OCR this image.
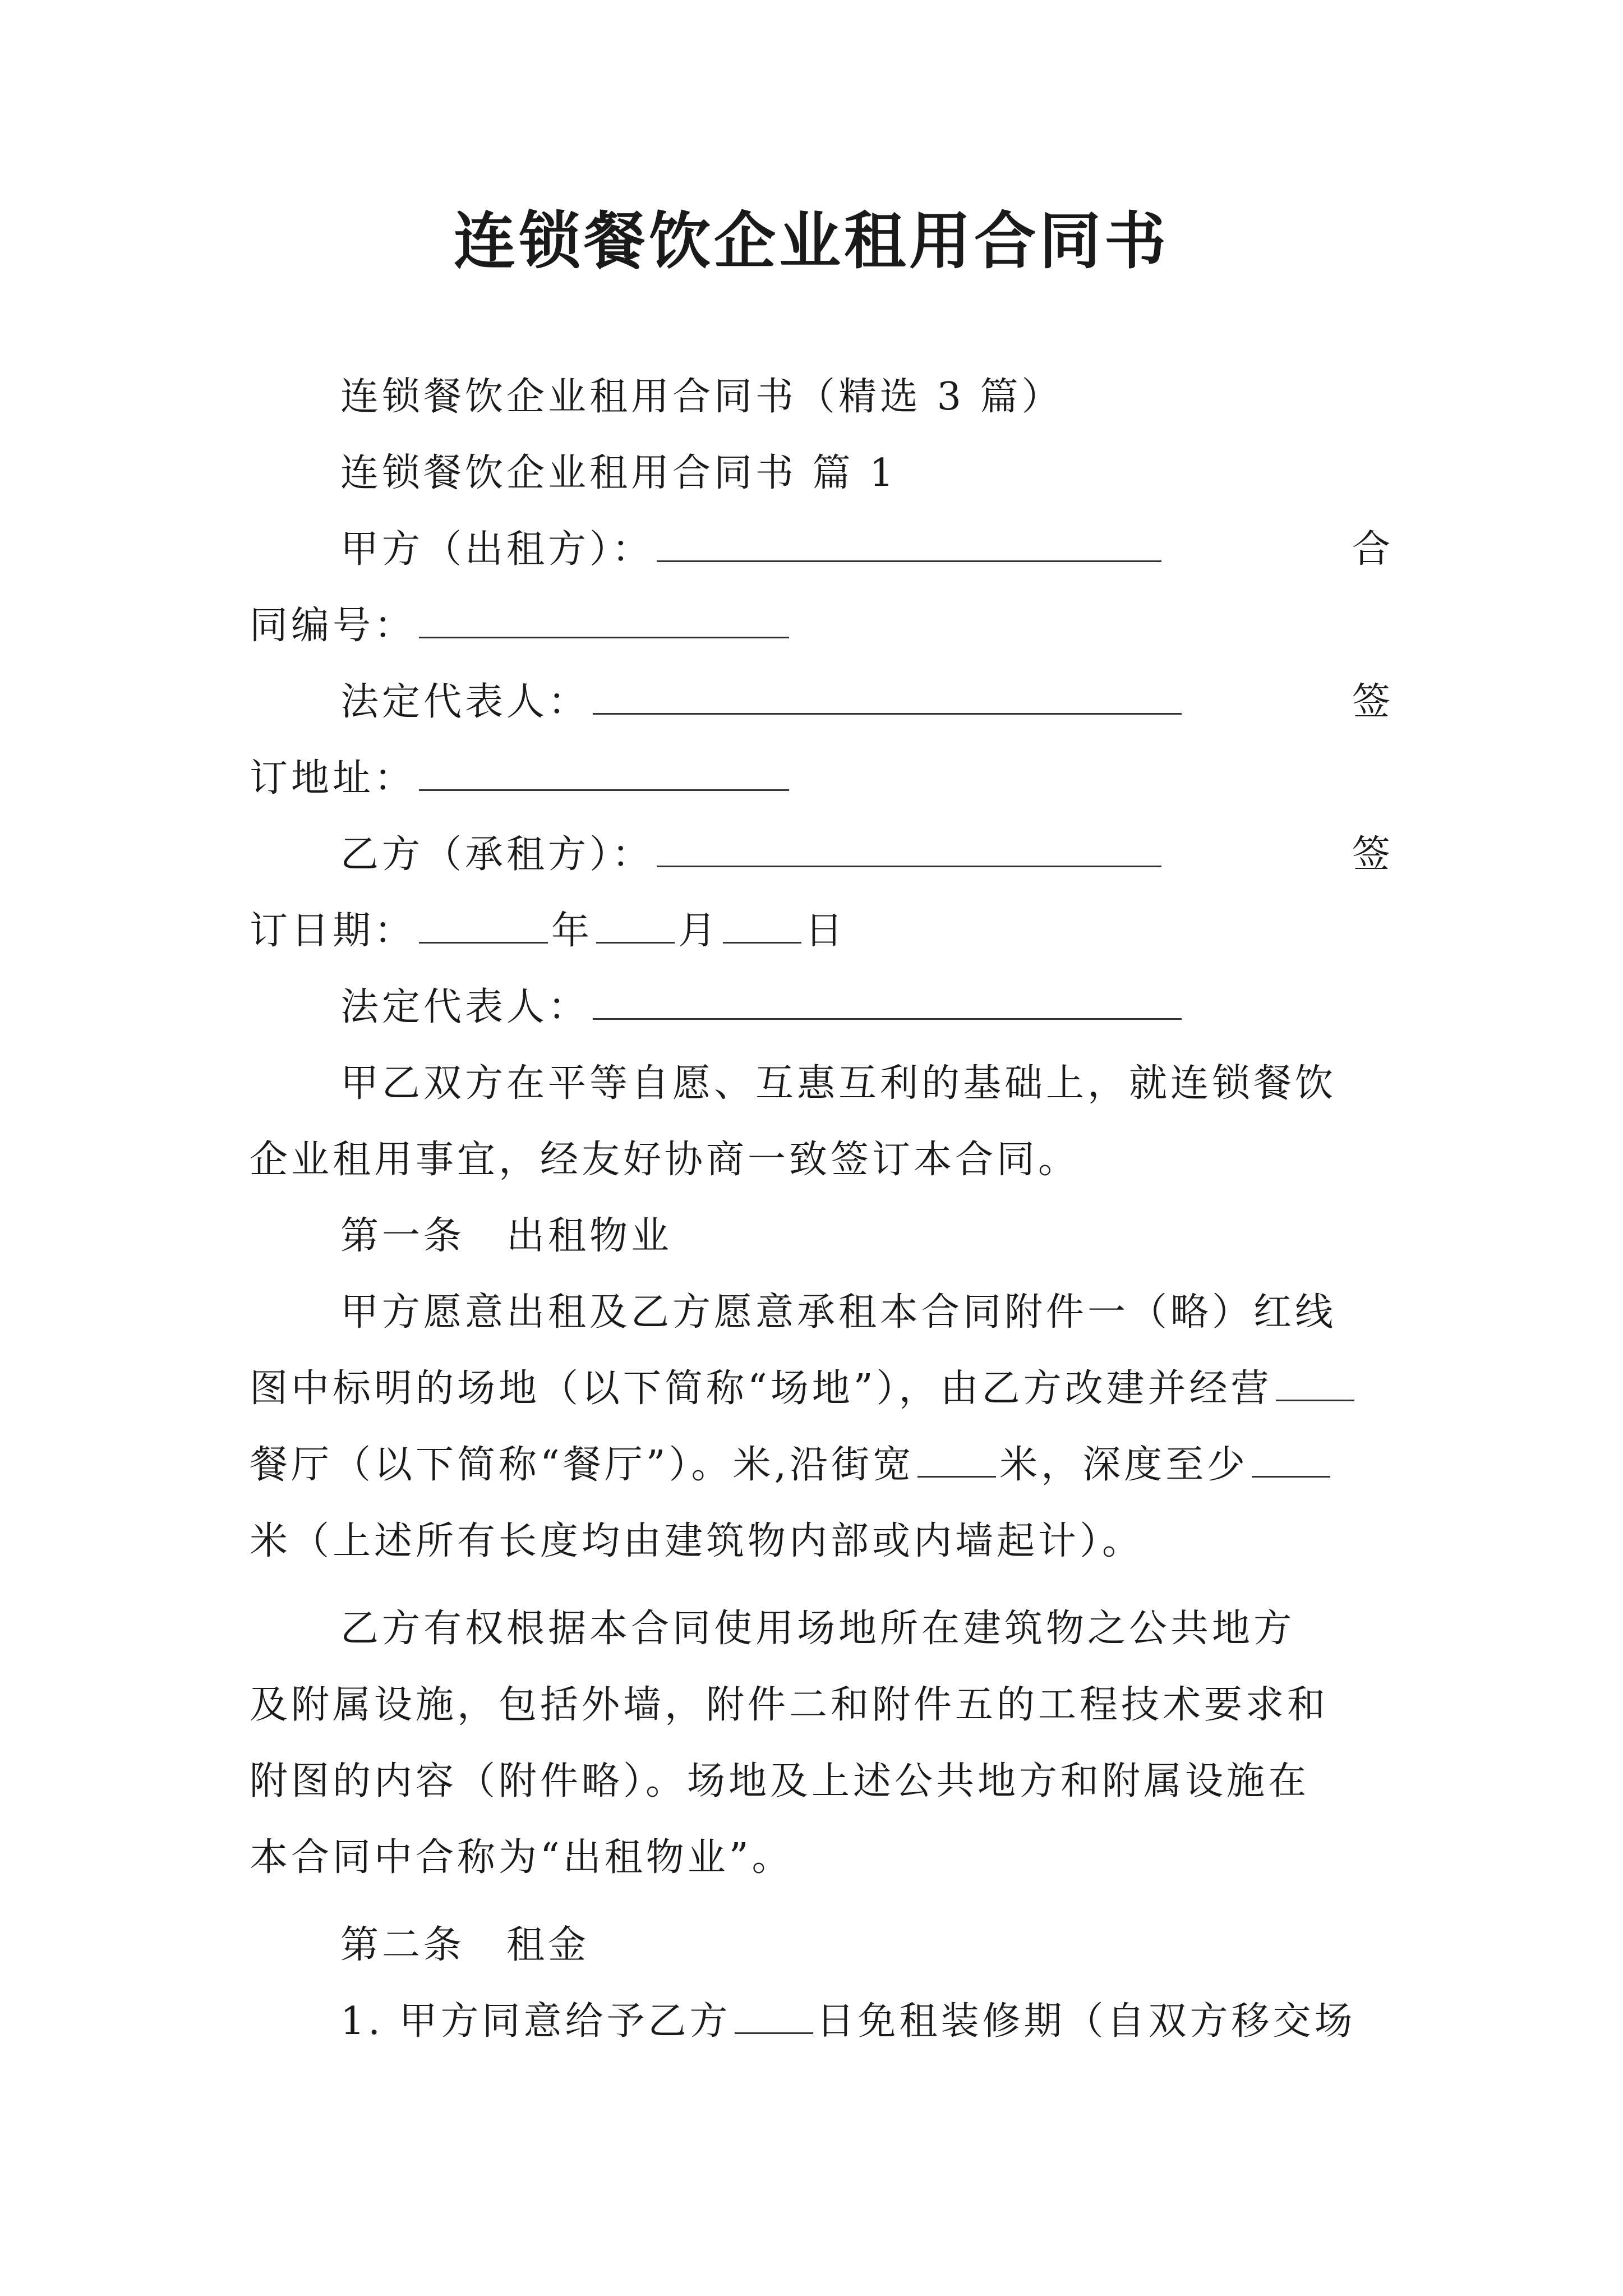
连锁餐饮企业租用合同书
连锁餐饮企业租用合同书（精选 3 篇）
连锁餐饮企业租用合同书 篇 1
甲方（出租方）：	合
同编号：
法定代表人：	签
订地址：
乙方（承租方）：	签
订日期：	年 月 日
法定代表人：
甲乙双方在平等自愿、互惠互利的基础上，就连锁餐饮
企业租用事宜，经友好协商一致签订本合同。
第一条　出租物业
甲方愿意出租及乙方愿意承租本合同附件一（略）红线
图中标明的场地（以下简称“场地”），由乙方改建并经营
餐厅（以下简称“餐厅”）。米,沿街宽 米，深度至少
米（上述所有长度均由建筑物内部或内墙起计）。
乙方有权根据本合同使用场地所在建筑物之公共地方
及附属设施，包括外墙，附件二和附件五的工程技术要求和
附图的内容（附件略）。场地及上述公共地方和附属设施在
本合同中合称为“出租物业”。
第二条　租金
1. 甲方同意给予乙方 日免租装修期（自双方移交场
